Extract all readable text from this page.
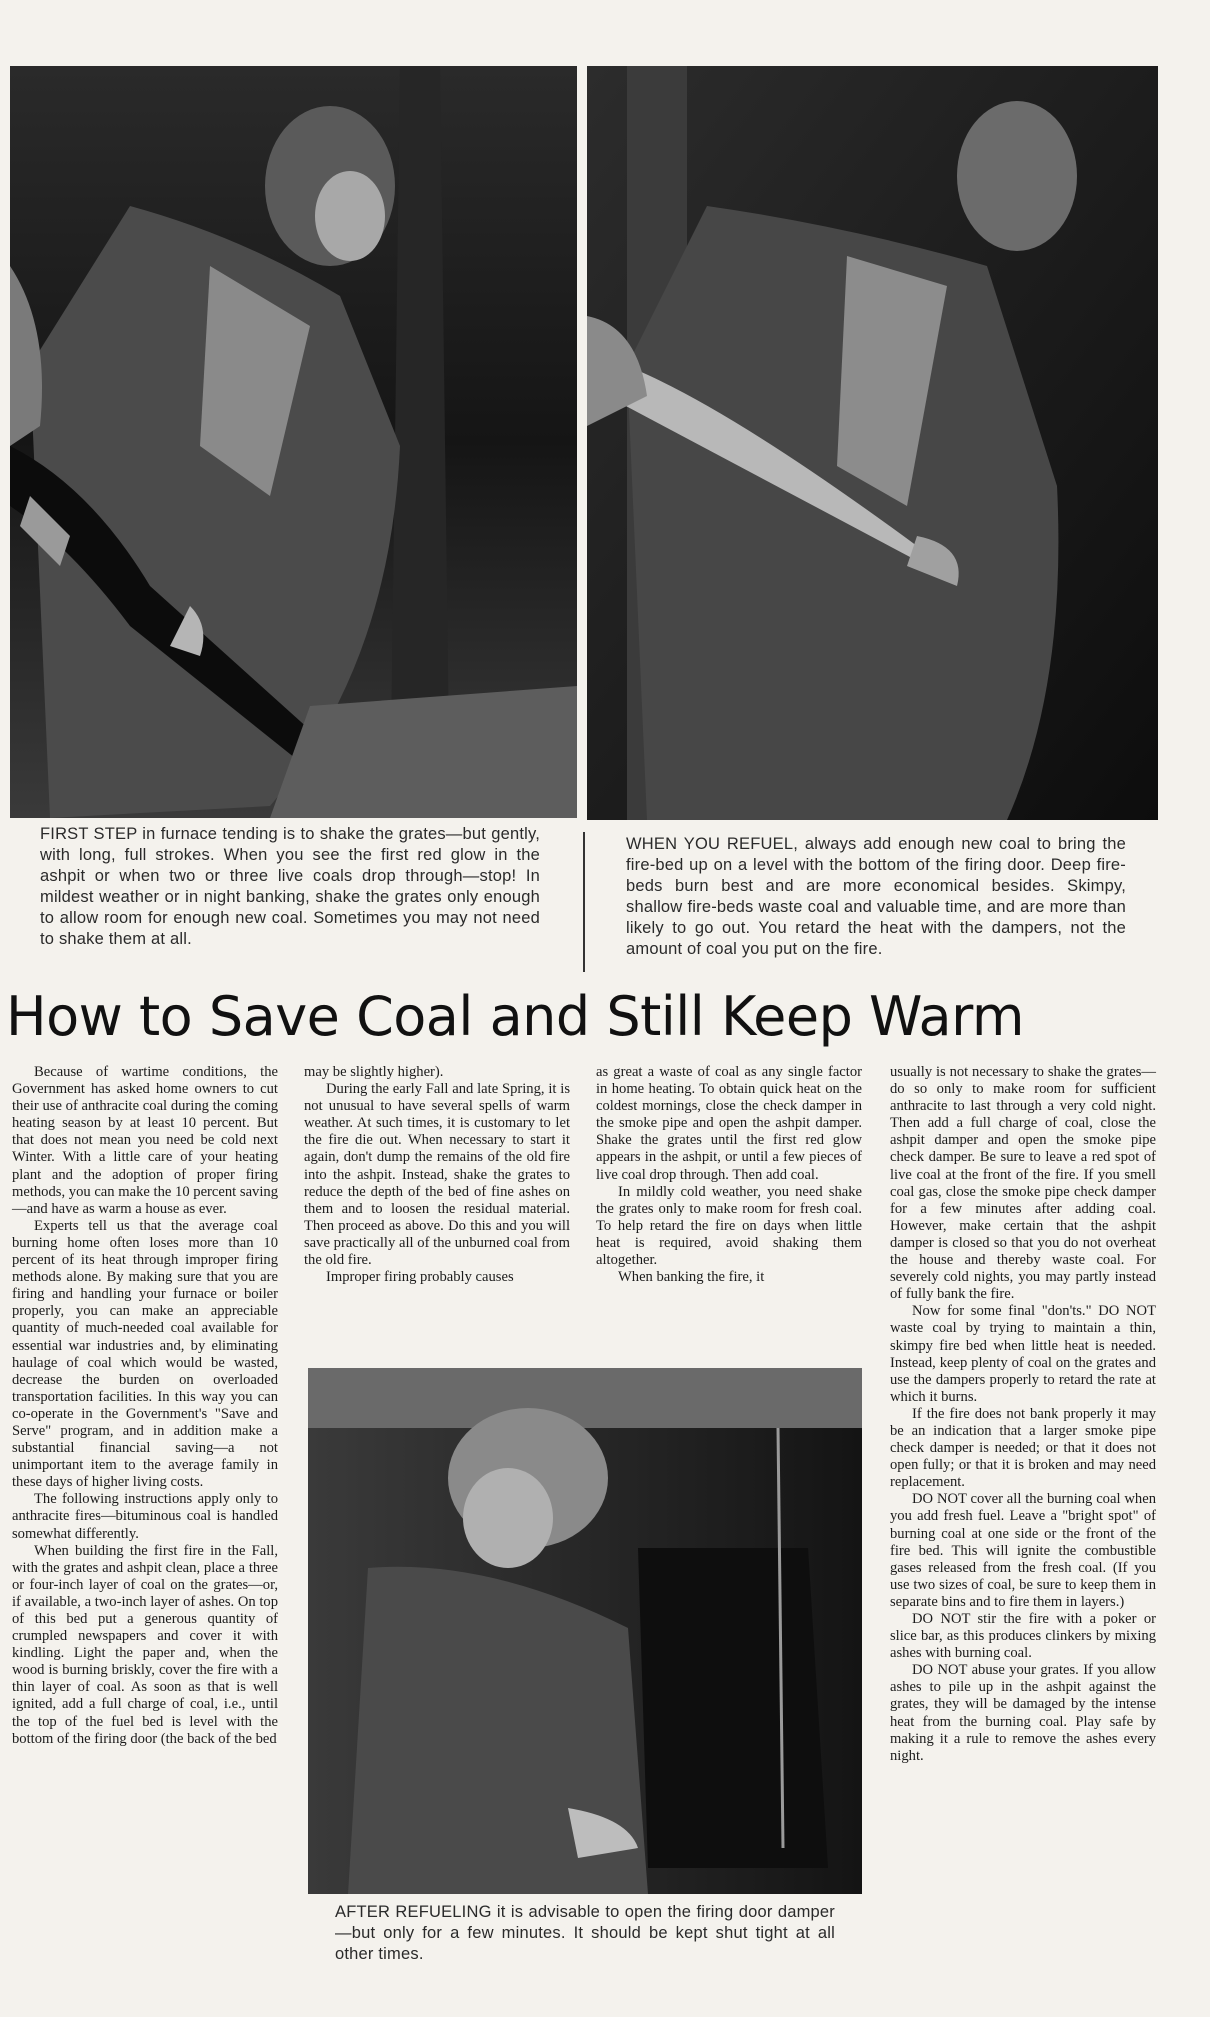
FIRST STEP in furnace tending is to shake the grates—but gently, with long, full strokes. When you see the first red glow in the ashpit or when two or three live coals drop through—stop! In mildest weather or in night banking, shake the grates only enough to allow room for enough new coal. Sometimes you may not need to shake them at all.
WHEN YOU REFUEL, always add enough new coal to bring the fire-bed up on a level with the bottom of the firing door. Deep fire-beds burn best and are more economical besides. Skimpy, shallow fire-beds waste coal and valuable time, and are more than likely to go out. You retard the heat with the dampers, not the amount of coal you put on the fire.
How to Save Coal and Still Keep Warm

Because of wartime conditions, the Government has asked home owners to cut their use of anthracite coal during the coming heating season by at least 10 percent. But that does not mean you need be cold next Winter. With a little care of your heating plant and the adoption of proper firing methods, you can make the 10 percent saving—and have as warm a house as ever.

Experts tell us that the average coal burning home often loses more than 10 percent of its heat through improper firing methods alone. By making sure that you are firing and handling your furnace or boiler properly, you can make an appreciable quantity of much-needed coal available for essential war industries and, by eliminating haulage of coal which would be wasted, decrease the burden on overloaded transportation facilities. In this way you can co-operate in the Government's "Save and Serve" program, and in addition make a substantial financial saving—a not unimportant item to the average family in these days of higher living costs.

The following instructions apply only to anthracite fires—bituminous coal is handled somewhat differently.

When building the first fire in the Fall, with the grates and ashpit clean, place a three or four-inch layer of coal on the grates—or, if available, a two-inch layer of ashes. On top of this bed put a generous quantity of crumpled newspapers and cover it with kindling. Light the paper and, when the wood is burning briskly, cover the fire with a thin layer of coal. As soon as that is well ignited, add a full charge of coal, i.e., until the top of the fuel bed is level with the bottom of the firing door (the back of the bed

may be slightly higher).

During the early Fall and late Spring, it is not unusual to have several spells of warm weather. At such times, it is customary to let the fire die out. When necessary to start it again, don't dump the remains of the old fire into the ashpit. Instead, shake the grates to reduce the depth of the bed of fine ashes on them and to loosen the residual material. Then proceed as above. Do this and you will save practically all of the unburned coal from the old fire.

Improper firing probably causes

as great a waste of coal as any single factor in home heating. To obtain quick heat on the coldest mornings, close the check damper in the smoke pipe and open the ashpit damper. Shake the grates until the first red glow appears in the ashpit, or until a few pieces of live coal drop through. Then add coal.

In mildly cold weather, you need shake the grates only to make room for fresh coal. To help retard the fire on days when little heat is required, avoid shaking them altogether.

When banking the fire, it

usually is not necessary to shake the grates—do so only to make room for sufficient anthracite to last through a very cold night. Then add a full charge of coal, close the ashpit damper and open the smoke pipe check damper. Be sure to leave a red spot of live coal at the front of the fire. If you smell coal gas, close the smoke pipe check damper for a few minutes after adding coal. However, make certain that the ashpit damper is closed so that you do not overheat the house and thereby waste coal. For severely cold nights, you may partly instead of fully bank the fire.

Now for some final "don'ts." DO NOT waste coal by trying to maintain a thin, skimpy fire bed when little heat is needed. Instead, keep plenty of coal on the grates and use the dampers properly to retard the rate at which it burns.

If the fire does not bank properly it may be an indication that a larger smoke pipe check damper is needed; or that it does not open fully; or that it is broken and may need replacement.

DO NOT cover all the burning coal when you add fresh fuel. Leave a "bright spot" of burning coal at one side or the front of the fire bed. This will ignite the combustible gases released from the fresh coal. (If you use two sizes of coal, be sure to keep them in separate bins and to fire them in layers.)

DO NOT stir the fire with a poker or slice bar, as this produces clinkers by mixing ashes with burning coal.

DO NOT abuse your grates. If you allow ashes to pile up in the ashpit against the grates, they will be damaged by the intense heat from the burning coal. Play safe by making it a rule to remove the ashes every night.

AFTER REFUELING it is advisable to open the firing door damper—but only for a few minutes. It should be kept shut tight at all other times.
